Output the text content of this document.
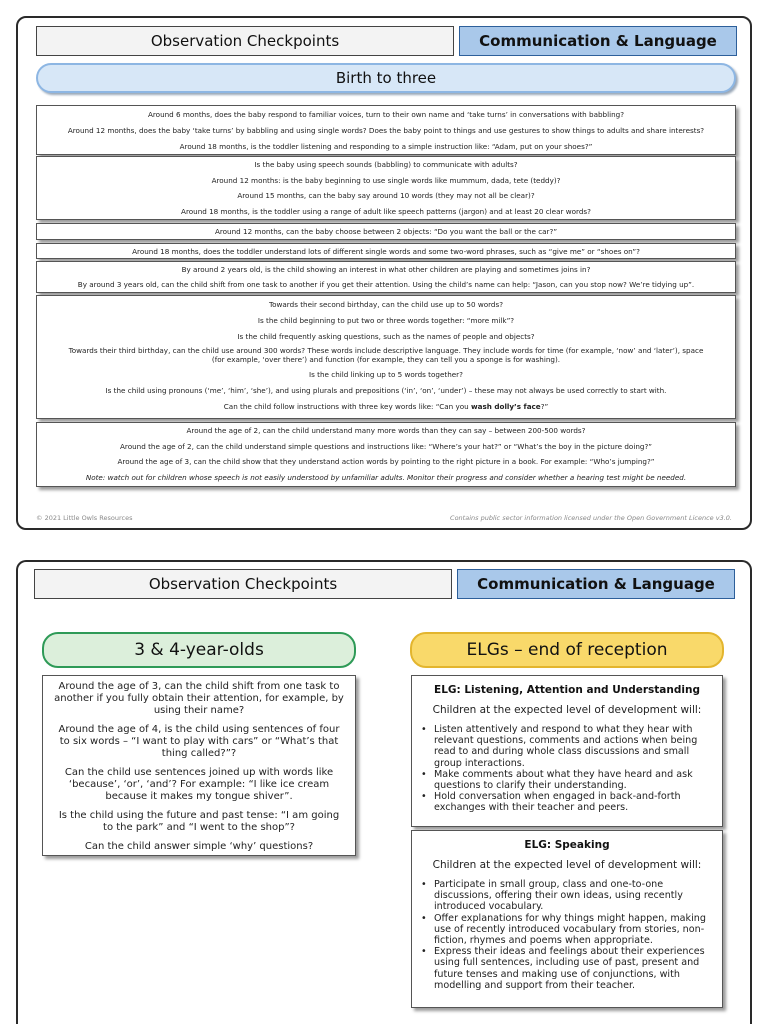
Observation Checkpoints	Communication & Language
Birth to three

Around 6 months, does the baby respond to familiar voices, turn to their own name and ‘take turns’ in conversations with babbling?

Around 12 months, does the baby ‘take turns’ by babbling and using single words? Does the baby point to things and use gestures to show things to adults and share interests?

Around 18 months, is the toddler listening and responding to a simple instruction like: “Adam, put on your shoes?”

Is the baby using speech sounds (babbling) to communicate with adults?

Around 12 months: is the baby beginning to use single words like mummum, dada, tete (teddy)?

Around 15 months, can the baby say around 10 words (they may not all be clear)?

Around 18 months, is the toddler using a range of adult like speech patterns (jargon) and at least 20 clear words?

Around 12 months, can the baby choose between 2 objects: “Do you want the ball or the car?”

Around 18 months, does the toddler understand lots of different single words and some two-word phrases, such as “give me” or “shoes on”?

By around 2 years old, is the child showing an interest in what other children are playing and sometimes joins in?

By around 3 years old, can the child shift from one task to another if you get their attention. Using the child’s name can help: “Jason, can you stop now? We’re tidying up”.

Towards their second birthday, can the child use up to 50 words?

Is the child beginning to put two or three words together: “more milk”?

Is the child frequently asking questions, such as the names of people and objects?

Towards their third birthday, can the child use around 300 words? These words include descriptive language. They include words for time (for example, ‘now’ and ‘later’), space (for example, ‘over there’) and function (for example, they can tell you a sponge is for washing).

Is the child linking up to 5 words together?

Is the child using pronouns (‘me’, ‘him’, ‘she’), and using plurals and prepositions (‘in’, ‘on’, ‘under’) – these may not always be used correctly to start with.

Can the child follow instructions with three key words like: “Can you wash dolly’s face?”

Around the age of 2, can the child understand many more words than they can say – between 200-500 words?

Around the age of 2, can the child understand simple questions and instructions like: “Where’s your hat?” or “What’s the boy in the picture doing?”

Around the age of 3, can the child show that they understand action words by pointing to the right picture in a book. For example: “Who’s jumping?”

Note: watch out for children whose speech is not easily understood by unfamiliar adults. Monitor their progress and consider whether a hearing test might be needed.

© 2021 Little Owls Resources	Contains public sector information licensed under the Open Government Licence v3.0.
Observation Checkpoints	Communication & Language
3 & 4-year-olds	ELGs – end of reception
Around the age of 3, can the child shift from one task to another if you fully obtain their attention, for example, by using their name?
Around the age of 4, is the child using sentences of four to six words – “I want to play with cars” or “What’s that thing called?”?
Can the child use sentences joined up with words like ‘because’, ‘or’, ‘and’? For example: “I like ice cream because it makes my tongue shiver”.
Is the child using the future and past tense: “I am going to the park” and “I went to the shop”?
Can the child answer simple ‘why’ questions?
ELG: Listening, Attention and Understanding
Children at the expected level of development will:
• Listen attentively and respond to what they hear with relevant questions, comments and actions when being read to and during whole class discussions and small group interactions.
• Make comments about what they have heard and ask questions to clarify their understanding.
• Hold conversation when engaged in back-and-forth exchanges with their teacher and peers.
ELG: Speaking
Children at the expected level of development will:
• Participate in small group, class and one-to-one discussions, offering their own ideas, using recently introduced vocabulary.
• Offer explanations for why things might happen, making use of recently introduced vocabulary from stories, non-fiction, rhymes and poems when appropriate.
• Express their ideas and feelings about their experiences using full sentences, including use of past, present and future tenses and making use of conjunctions, with modelling and support from their teacher.
